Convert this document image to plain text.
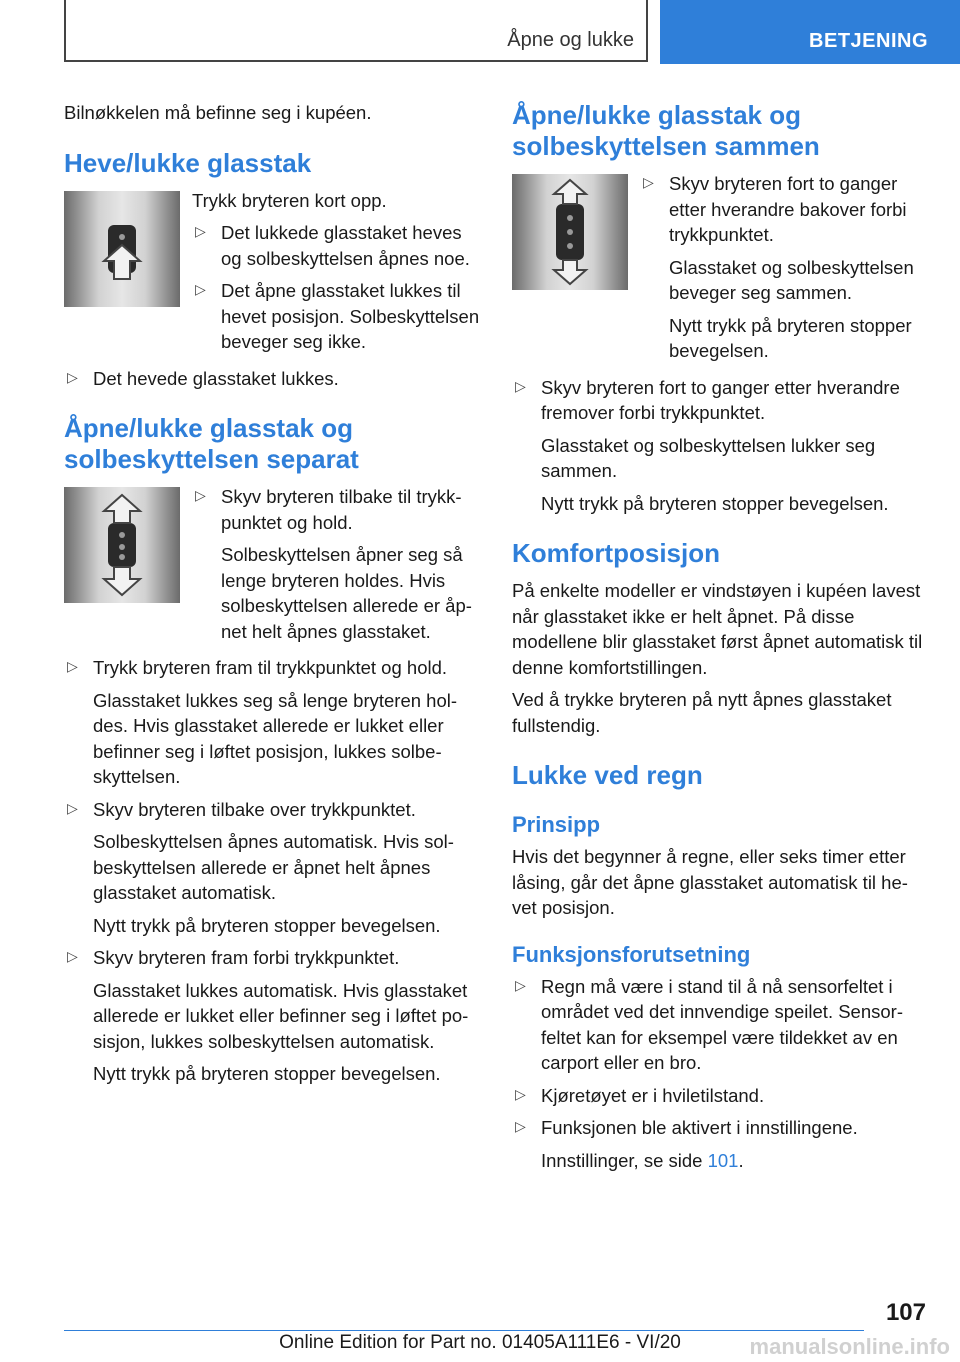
Åpne og lukke	BETJENING

Bilnøkkelen må befinne seg i kupéen.

Heve/lukke glasstak

Trykk bryteren kort opp.

▷ Det lukkede glasstaket heves og solbeskyttelsen åpnes noe.

▷ Det åpne glasstaket lukkes til hevet posisjon. Solbeskyttelsen beveger seg ikke.

▷ Det hevede glasstaket lukkes.

Åpne/lukke glasstak og solbeskyttelsen separat
▷ Skyv bryteren tilbake til trykkpunktet og hold.

Solbeskyttelsen åpner seg så lenge bryteren holdes. Hvis solbeskyttelsen allerede er åpnet helt åpnes glasstaket.

▷ Trykk bryteren fram til trykkpunktet og hold.

Glasstaket lukkes seg så lenge bryteren holdes. Hvis glasstaket allerede er lukket eller befinner seg i løftet posisjon, lukkes solbeskyttelsen.

▷ Skyv bryteren tilbake over trykkpunktet.

Solbeskyttelsen åpnes automatisk. Hvis solbeskyttelsen allerede er åpnet helt åpnes glasstaket automatisk.

Nytt trykk på bryteren stopper bevegelsen.

▷ Skyv bryteren fram forbi trykkpunktet.

Glasstaket lukkes automatisk. Hvis glasstaket allerede er lukket eller befinner seg i løftet posisjon, lukkes solbeskyttelsen automatisk.

Nytt trykk på bryteren stopper bevegelsen.

Åpne/lukke glasstak og solbeskyttelsen sammen
▷ Skyv bryteren fort to ganger etter hverandre bakover forbi trykkpunktet.

Glasstaket og solbeskyttelsen beveger seg sammen.

Nytt trykk på bryteren stopper bevegelsen.

▷ Skyv bryteren fort to ganger etter hverandre fremover forbi trykkpunktet.

Glasstaket og solbeskyttelsen lukker seg sammen.

Nytt trykk på bryteren stopper bevegelsen.

Komfortposisjon

På enkelte modeller er vindstøyen i kupéen lavest når glasstaket ikke er helt åpnet. På disse modellene blir glasstaket først åpnet automatisk til denne komfortstillingen.

Ved å trykke bryteren på nytt åpnes glasstaket fullstendig.

Lukke ved regn
Prinsipp

Hvis det begynner å regne, eller seks timer etter låsing, går det åpne glasstaket automatisk til hevet posisjon.

Funksjonsforutsetning
▷ Regn må være i stand til å nå sensorfeltet i området ved det innvendige speilet. Sensorfeltet kan for eksempel være tildekket av en carport eller en bro.

▷ Kjøretøyet er i hviletilstand.

▷ Funksjonen ble aktivert i innstillingene.

Innstillinger, se side 101.

107
Online Edition for Part no. 01405A111E6 - VI/20	manualsonline.info
